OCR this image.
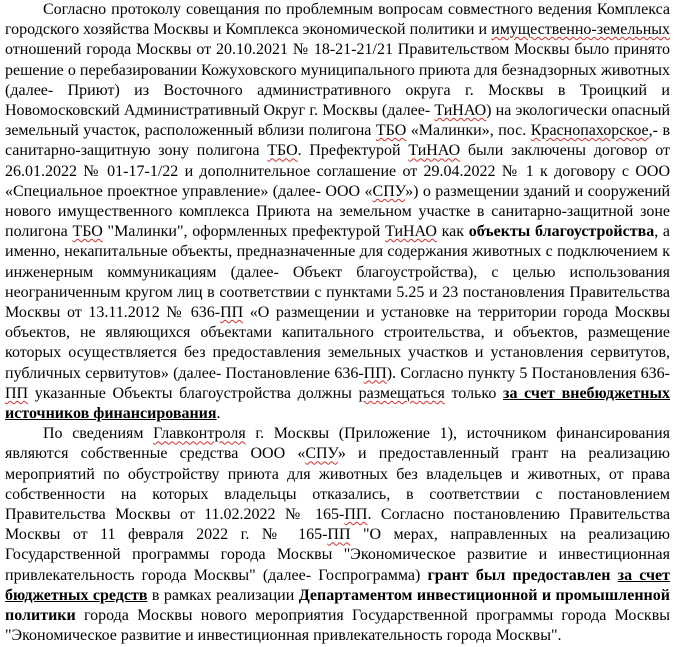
Согласно протоколу совещания по проблемным вопросам совместного ведения Комплекса городского хозяйства Москвы и Комплекса экономической политики и имущественно-земельных отношений города Москвы от 20.10.2021 № 18-21-21/21 Правительством Москвы было принято решение о перебазировании Кожуховского муниципального приюта для безнадзорных животных (далее- Приют) из Восточного административного округа г. Москвы в Троицкий и Новомосковский Административный Округ г. Москвы (далее- ТиНАО) на экологически опасный земельный участок, расположенный вблизи полигона ТБО «Малинки», пос. Краснопахорское,- в санитарно-защитную зону полигона ТБО. Префектурой ТиНАО были заключены договор от 26.01.2022 № 01-17-1/22 и дополнительное соглашение от 29.04.2022 № 1 к договору с ООО «Специальное проектное управление» (далее- ООО «СПУ») о размещении зданий и сооружений нового имущественного комплекса Приюта на земельном участке в санитарно-защитной зоне полигона ТБО "Малинки", оформленных префектурой ТиНАО как объекты благоустройства, а именно, некапитальные объекты, предназначенные для содержания животных с подключением к инженерным коммуникациям (далее- Объект благоустройства), с целью использования неограниченным кругом лиц в соответствии с пунктами 5.25 и 23 постановления Правительства Москвы от 13.11.2012 № 636-ПП «О размещении и установке на территории города Москвы объектов, не являющихся объектами капитального строительства, и объектов, размещение которых осуществляется без предоставления земельных участков и установления сервитутов, публичных сервитутов» (далее- Постановление 636-ПП). Согласно пункту 5 Постановления 636-ПП указанные Объекты благоустройства должны размещаться только за счет внебюджетных источников финансирования.

По сведениям Главконтроля г. Москвы (Приложение 1), источником финансирования являются собственные средства ООО «СПУ» и предоставленный грант на реализацию мероприятий по обустройству приюта для животных без владельцев и животных, от права собственности на которых владельцы отказались, в соответствии с постановлением Правительства Москвы от 11.02.2022 № 165-ПП. Согласно постановлению Правительства Москвы от 11 февраля 2022 г. № 165-ПП "О мерах, направленных на реализацию Государственной программы города Москвы "Экономическое развитие и инвестиционная привлекательность города Москвы" (далее- Госпрограмма) грант был предоставлен за счет бюджетных средств в рамках реализации Департаментом инвестиционной и промышленной политики города Москвы нового мероприятия Государственной программы города Москвы "Экономическое развитие и инвестиционная привлекательность города Москвы".
